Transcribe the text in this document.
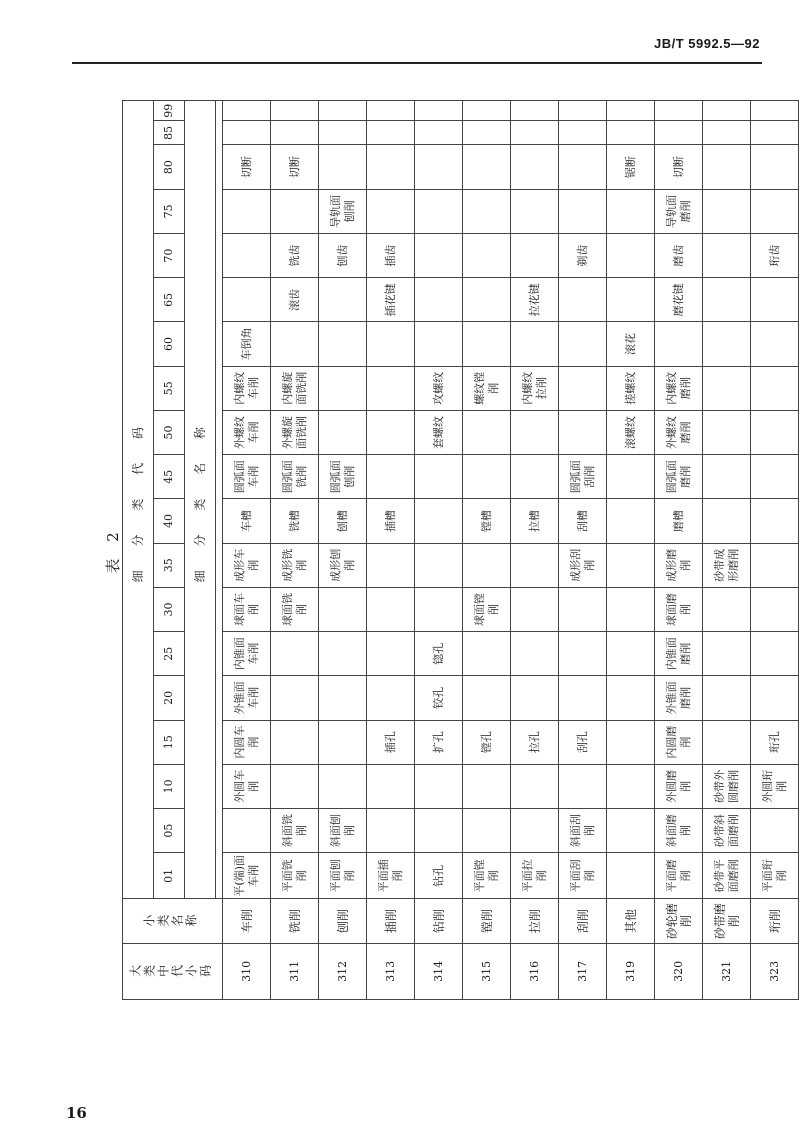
JB/T 5992.5—92
表 2
大类中代小码	小类名称	细 分 类 代 码																		
		01	05	10	15	20	25	30	35	40	45	50	55	60	65	70	75	80	85	99
		细 分 类 名 称																		

310	车削	平(端)面车削		外圆车削	内圆车削	外锥面车削	内锥面车削	球面车削	成形车削	车槽	圆弧面车削	外螺纹车削	内螺纹车削	车倒角				切断		
311	铣削	平面铣削	斜面铣削					球面铣削	成形铣削	铣槽	圆弧面铣削	外螺旋面铣削	内螺旋面铣削		滚齿	铣齿		切断		
312	刨削	平面刨削	斜面刨削						成形刨削	刨槽	圆弧面刨削					刨齿	导轨面刨削			
313	插削	平面插削			插孔					插槽					插花键	插齿				
314	钻削	钻孔			扩孔	铰孔	锪孔					套螺纹	攻螺纹							
315	镗削	平面镗削			镗孔			球面镗削		镗槽			螺纹镗削							
316	拉削	平面拉削			拉孔					拉槽			内螺纹拉削		拉花键					
317	刮削	平面刮削	斜面刮削		刮孔				成形刮削	刮槽	圆弧面刮削					剃齿				
319	其他											滚螺纹	搓螺纹	滚花				锯断		
320	砂轮磨削	平面磨削	斜面磨削	外圆磨削	内圆磨削	外锥面磨削	内锥面磨削	球面磨削	成形磨削	磨槽	圆弧面磨削	外螺纹磨削	内螺纹磨削		磨花键	磨齿	导轨面磨削	切断		
321	砂带磨削	砂带平面磨削	砂带斜面磨削	砂带外圆磨削					砂带成形磨削											
323	珩削	平面珩削		外圆珩削	珩孔											珩齿				
16
